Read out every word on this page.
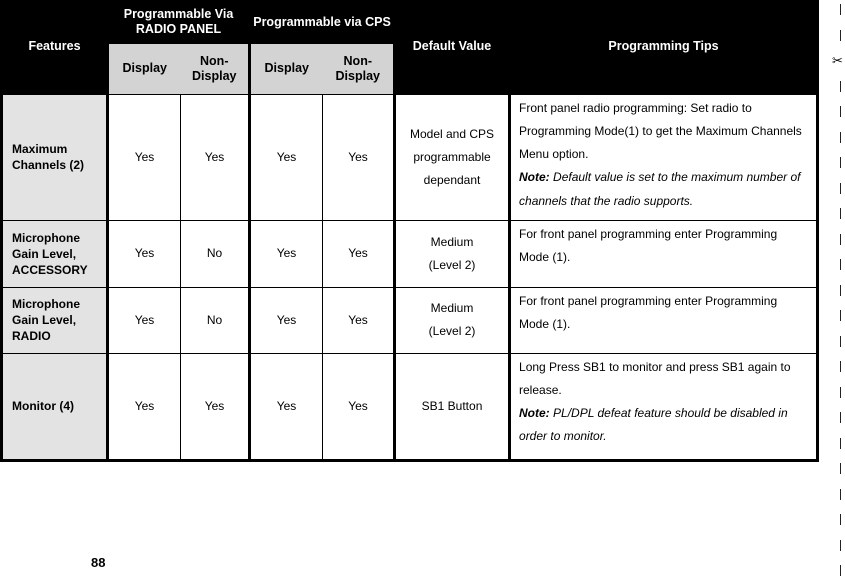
Features	Programmable Via RADIO PANEL		Programmable via CPS		Default Value	Programming Tips
	Display	Non-Display	Display	Non-Display		
Maximum Channels (2)	Yes	Yes	Yes	Yes	Model and CPS programmable dependant	Front panel radio programming: Set radio to Programming Mode(1) to get the Maximum Channels Menu option.
Note: Default value is set to the maximum number of channels that the radio supports.
Microphone Gain Level, ACCESSORY	Yes	No	Yes	Yes	Medium (Level 2)	For front panel programming enter Programming Mode (1).
Microphone Gain Level, RADIO	Yes	No	Yes	Yes	Medium (Level 2)	For front panel programming enter Programming Mode (1).
Monitor (4)	Yes	Yes	Yes	Yes	SB1 Button	Long Press SB1 to monitor and press SB1 again to release.
Note: PL/DPL defeat feature should be disabled in order to monitor.
88
✂
